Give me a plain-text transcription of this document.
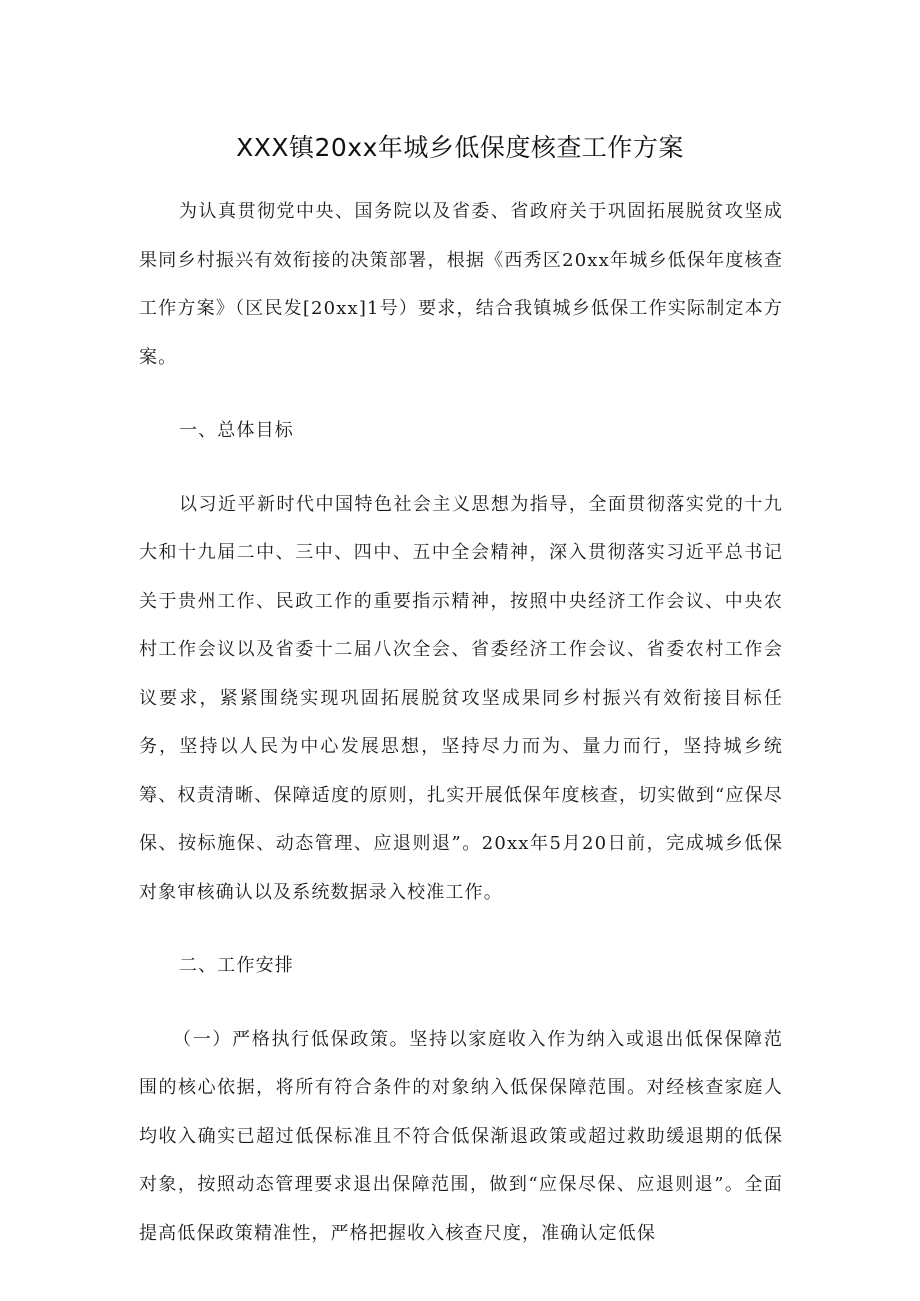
XXX镇20xx年城乡低保度核查工作方案

为认真贯彻党中央、国务院以及省委、省政府关于巩固拓展脱贫攻坚成果同乡村振兴有效衔接的决策部署，根据《西秀区20xx年城乡低保年度核查工作方案》（区民发[20xx]1号）要求，结合我镇城乡低保工作实际制定本方案。

一、总体目标

以习近平新时代中国特色社会主义思想为指导，全面贯彻落实党的十九大和十九届二中、三中、四中、五中全会精神，深入贯彻落实习近平总书记关于贵州工作、民政工作的重要指示精神，按照中央经济工作会议、中央农村工作会议以及省委十二届八次全会、省委经济工作会议、省委农村工作会议要求，紧紧围绕实现巩固拓展脱贫攻坚成果同乡村振兴有效衔接目标任务，坚持以人民为中心发展思想，坚持尽力而为、量力而行，坚持城乡统筹、权责清晰、保障适度的原则，扎实开展低保年度核查，切实做到“应保尽保、按标施保、动态管理、应退则退”。20xx年5月20日前，完成城乡低保对象审核确认以及系统数据录入校准工作。

二、工作安排

（一）严格执行低保政策。坚持以家庭收入作为纳入或退出低保保障范围的核心依据，将所有符合条件的对象纳入低保保障范围。对经核查家庭人均收入确实已超过低保标准且不符合低保渐退政策或超过救助缓退期的低保对象，按照动态管理要求退出保障范围，做到“应保尽保、应退则退”。全面提高低保政策精准性，严格把握收入核查尺度，准确认定低保
